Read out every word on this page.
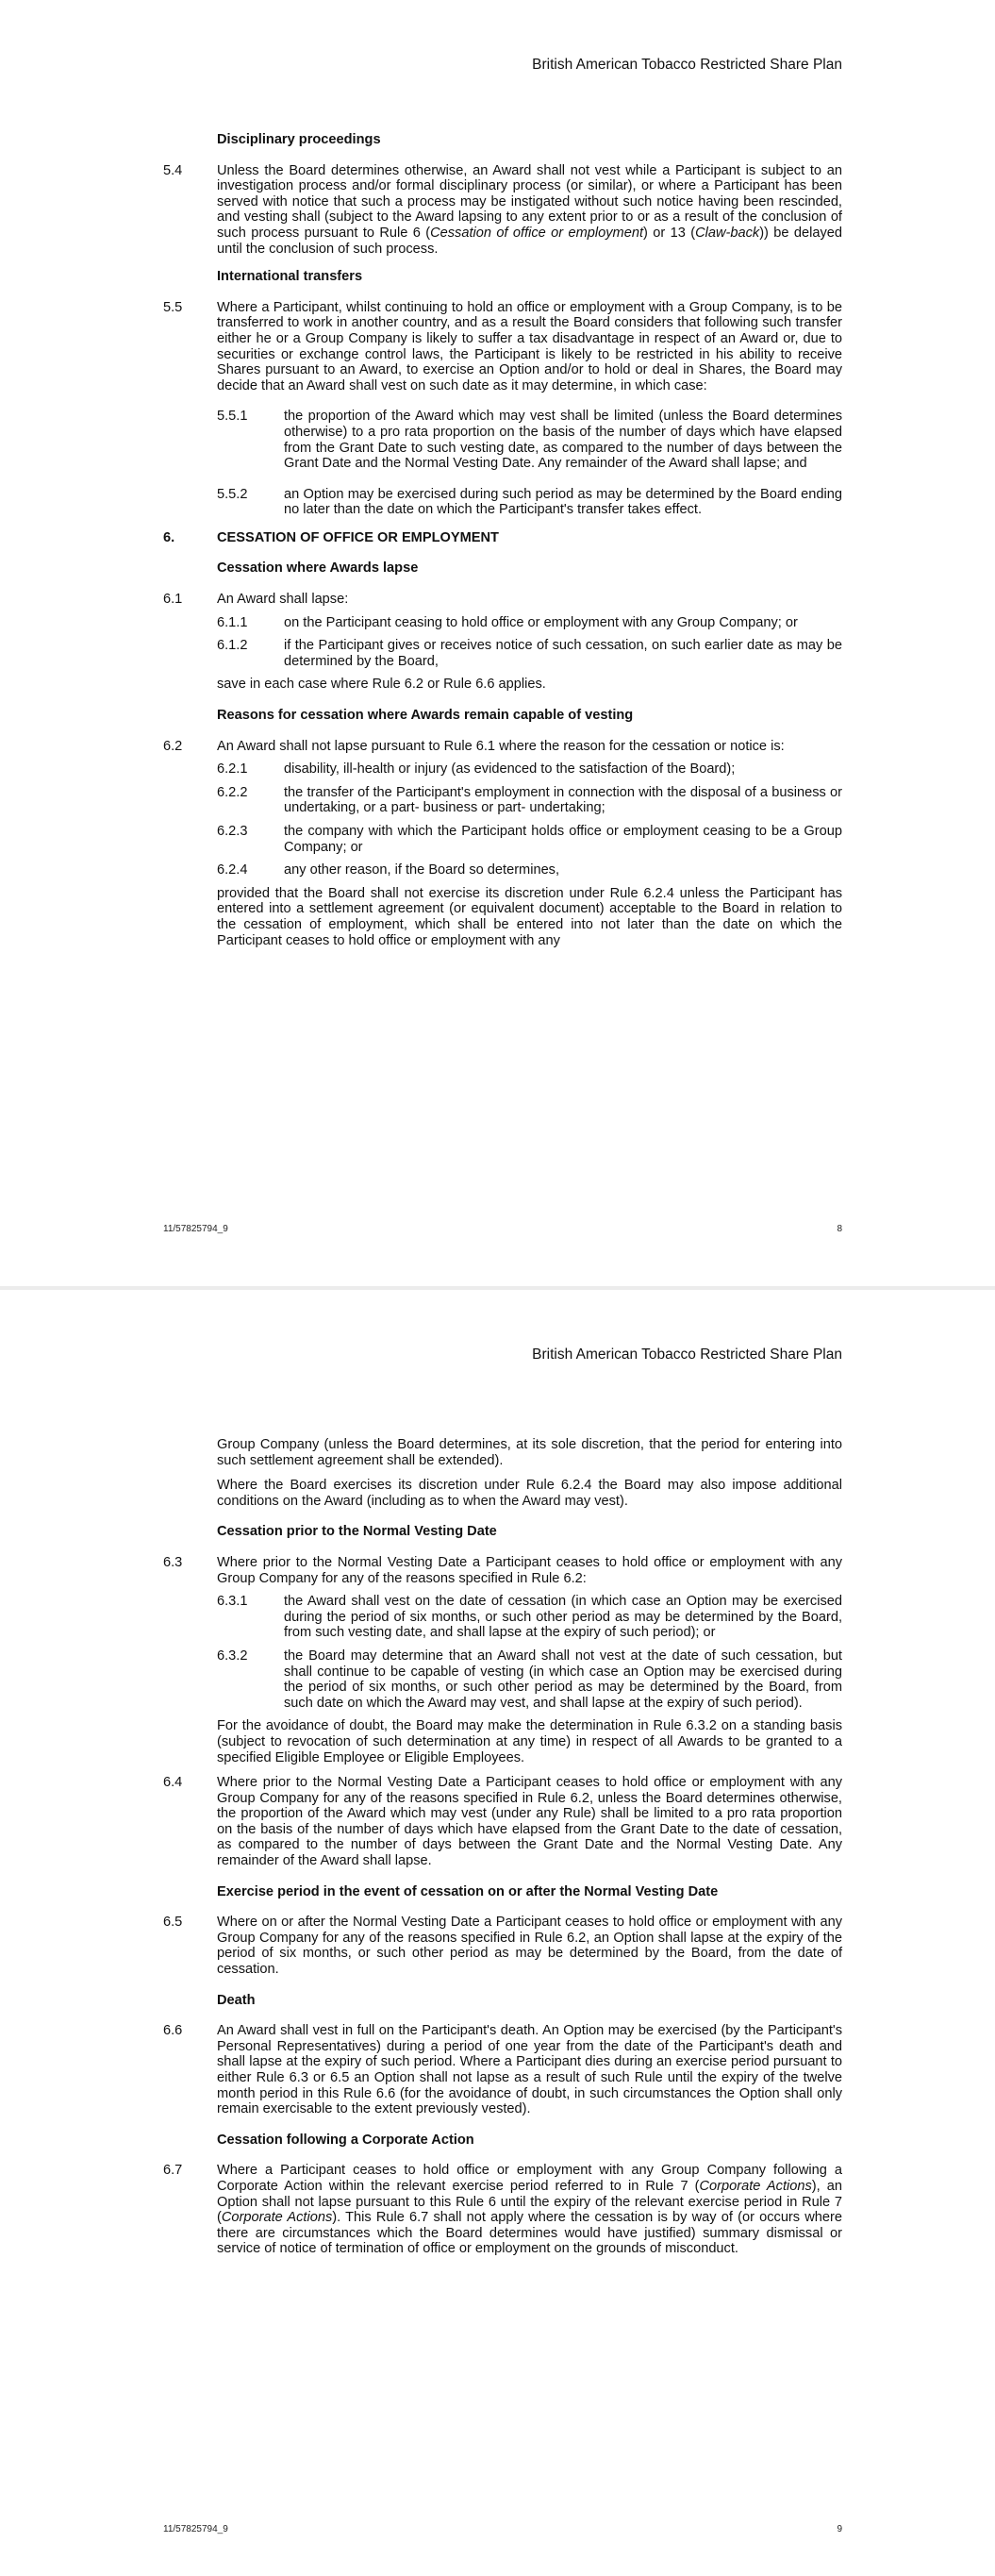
British American Tobacco Restricted Share Plan
Disciplinary proceedings
5.4	Unless the Board determines otherwise, an Award shall not vest while a Participant is subject to an investigation process and/or formal disciplinary process (or similar), or where a Participant has been served with notice that such a process may be instigated without such notice having been rescinded, and vesting shall (subject to the Award lapsing to any extent prior to or as a result of the conclusion of such process pursuant to Rule 6 (Cessation of office or employment) or 13 (Claw-back)) be delayed until the conclusion of such process.
International transfers
5.5	Where a Participant, whilst continuing to hold an office or employment with a Group Company, is to be transferred to work in another country, and as a result the Board considers that following such transfer either he or a Group Company is likely to suffer a tax disadvantage in respect of an Award or, due to securities or exchange control laws, the Participant is likely to be restricted in his ability to receive Shares pursuant to an Award, to exercise an Option and/or to hold or deal in Shares, the Board may decide that an Award shall vest on such date as it may determine, in which case:
5.5.1	the proportion of the Award which may vest shall be limited (unless the Board determines otherwise) to a pro rata proportion on the basis of the number of days which have elapsed from the Grant Date to such vesting date, as compared to the number of days between the Grant Date and the Normal Vesting Date. Any remainder of the Award shall lapse; and
5.5.2	an Option may be exercised during such period as may be determined by the Board ending no later than the date on which the Participant's transfer takes effect.
6.	CESSATION OF OFFICE OR EMPLOYMENT
Cessation where Awards lapse
6.1	An Award shall lapse:
6.1.1	on the Participant ceasing to hold office or employment with any Group Company; or
6.1.2	if the Participant gives or receives notice of such cessation, on such earlier date as may be determined by the Board,
save in each case where Rule 6.2 or Rule 6.6 applies.
Reasons for cessation where Awards remain capable of vesting
6.2	An Award shall not lapse pursuant to Rule 6.1 where the reason for the cessation or notice is:
6.2.1	disability, ill-health or injury (as evidenced to the satisfaction of the Board);
6.2.2	the transfer of the Participant's employment in connection with the disposal of a business or undertaking, or a part- business or part- undertaking;
6.2.3	the company with which the Participant holds office or employment ceasing to be a Group Company; or
6.2.4	any other reason, if the Board so determines,
provided that the Board shall not exercise its discretion under Rule 6.2.4 unless the Participant has entered into a settlement agreement (or equivalent document) acceptable to the Board in relation to the cessation of employment, which shall be entered into not later than the date on which the Participant ceases to hold office or employment with any
11/57825794_9	8
British American Tobacco Restricted Share Plan
Group Company (unless the Board determines, at its sole discretion, that the period for entering into such settlement agreement shall be extended).
Where the Board exercises its discretion under Rule 6.2.4 the Board may also impose additional conditions on the Award (including as to when the Award may vest).
Cessation prior to the Normal Vesting Date
6.3	Where prior to the Normal Vesting Date a Participant ceases to hold office or employment with any Group Company for any of the reasons specified in Rule 6.2:
6.3.1	the Award shall vest on the date of cessation (in which case an Option may be exercised during the period of six months, or such other period as may be determined by the Board, from such vesting date, and shall lapse at the expiry of such period); or
6.3.2	the Board may determine that an Award shall not vest at the date of such cessation, but shall continue to be capable of vesting (in which case an Option may be exercised during the period of six months, or such other period as may be determined by the Board, from such date on which the Award may vest, and shall lapse at the expiry of such period).
For the avoidance of doubt, the Board may make the determination in Rule 6.3.2 on a standing basis (subject to revocation of such determination at any time) in respect of all Awards to be granted to a specified Eligible Employee or Eligible Employees.
6.4	Where prior to the Normal Vesting Date a Participant ceases to hold office or employment with any Group Company for any of the reasons specified in Rule 6.2, unless the Board determines otherwise, the proportion of the Award which may vest (under any Rule) shall be limited to a pro rata proportion on the basis of the number of days which have elapsed from the Grant Date to the date of cessation, as compared to the number of days between the Grant Date and the Normal Vesting Date. Any remainder of the Award shall lapse.
Exercise period in the event of cessation on or after the Normal Vesting Date
6.5	Where on or after the Normal Vesting Date a Participant ceases to hold office or employment with any Group Company for any of the reasons specified in Rule 6.2, an Option shall lapse at the expiry of the period of six months, or such other period as may be determined by the Board, from the date of cessation.
Death
6.6	An Award shall vest in full on the Participant's death. An Option may be exercised (by the Participant's Personal Representatives) during a period of one year from the date of the Participant's death and shall lapse at the expiry of such period. Where a Participant dies during an exercise period pursuant to either Rule 6.3 or 6.5 an Option shall not lapse as a result of such Rule until the expiry of the twelve month period in this Rule 6.6 (for the avoidance of doubt, in such circumstances the Option shall only remain exercisable to the extent previously vested).
Cessation following a Corporate Action
6.7	Where a Participant ceases to hold office or employment with any Group Company following a Corporate Action within the relevant exercise period referred to in Rule 7 (Corporate Actions), an Option shall not lapse pursuant to this Rule 6 until the expiry of the relevant exercise period in Rule 7 (Corporate Actions). This Rule 6.7 shall not apply where the cessation is by way of (or occurs where there are circumstances which the Board determines would have justified) summary dismissal or service of notice of termination of office or employment on the grounds of misconduct.
11/57825794_9	9
